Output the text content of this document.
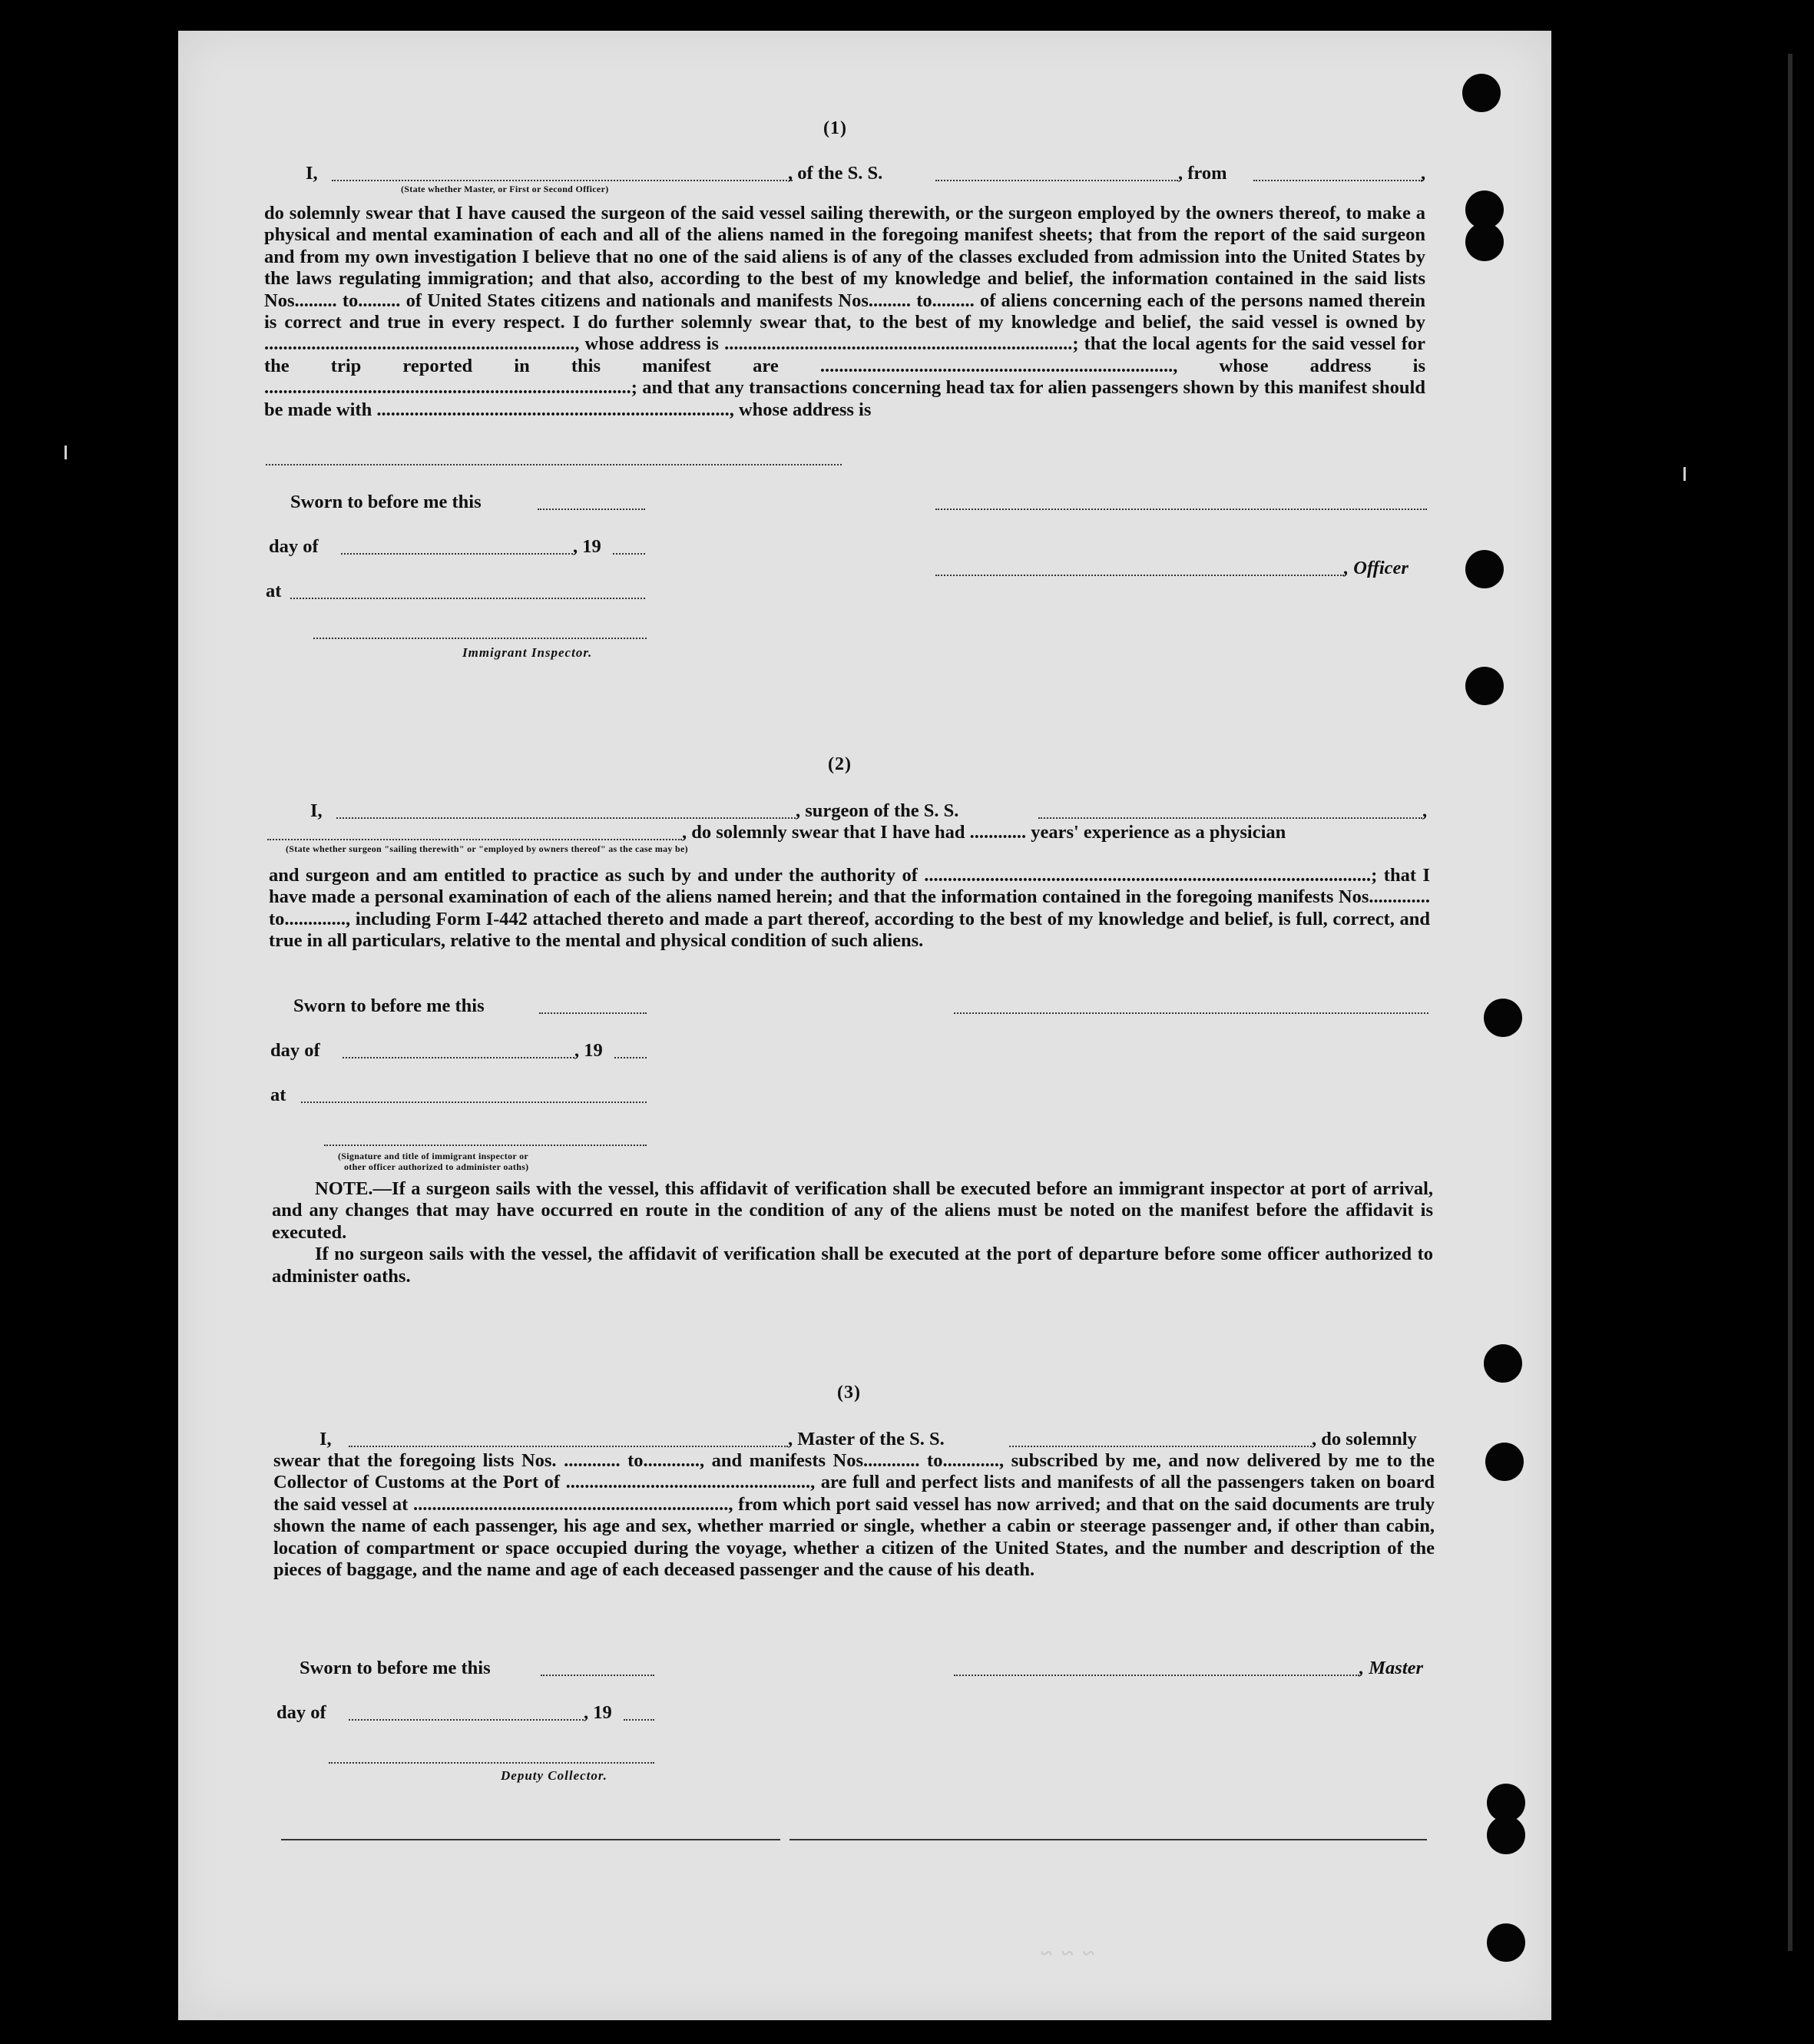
~ ~ ~
(1)
I,	, of the S. S.	, from	,
(State whether Master, or First or Second Officer)

do solemnly swear that I have caused the surgeon of the said vessel sailing therewith, or the surgeon employed by the owners thereof, to make a physical and mental examination of each and all of the aliens named in the foregoing manifest sheets; that from the report of the said surgeon and from my own investigation I believe that no one of the said aliens is of any of the classes excluded from admission into the United States by the laws regulating immigration; and that also, according to the best of my knowledge and belief, the information contained in the said lists Nos......... to......... of United States citizens and nationals and manifests Nos......... to......... of aliens concerning each of the persons named therein is correct and true in every respect. I do further solemnly swear that, to the best of my knowledge and belief, the said vessel is owned by .................................................................., whose address is ..........................................................................; that the local agents for the said vessel for the trip reported in this manifest are ..........................................................................., whose address is ..............................................................................; and that any transactions concerning head tax for alien passengers shown by this manifest should be made with ..........................................................................., whose address is

Sworn to before me this
day of	, 19
, Officer
at
Immigrant Inspector.
(2)
I,	, surgeon of the S. S.	,
, do solemnly swear that I have had ............ years' experience as a physician
(State whether surgeon "sailing therewith" or "employed by owners thereof" as the case may be)

and surgeon and am entitled to practice as such by and under the authority of ...............................................................................................; that I have made a personal examination of each of the aliens named herein; and that the information contained in the foregoing manifests Nos............. to............., including Form I-442 attached thereto and made a part thereof, according to the best of my knowledge and belief, is full, correct, and true in all particulars, relative to the mental and physical condition of such aliens.

Sworn to before me this
day of	, 19
at
(Signature and title of immigrant inspector or
other officer authorized to administer oaths)

NOTE.—If a surgeon sails with the vessel, this affidavit of verification shall be executed before an immigrant inspector at port of arrival, and any changes that may have occurred en route in the condition of any of the aliens must be noted on the manifest before the affidavit is executed.

If no surgeon sails with the vessel, the affidavit of verification shall be executed at the port of departure before some officer authorized to administer oaths.

(3)
I,	, Master of the S. S.	, do solemnly

swear that the foregoing lists Nos. ............ to............, and manifests Nos............ to............, subscribed by me, and now delivered by me to the Collector of Customs at the Port of ...................................................., are full and perfect lists and manifests of all the passengers taken on board the said vessel at ..................................................................., from which port said vessel has now arrived; and that on the said documents are truly shown the name of each passenger, his age and sex, whether married or single, whether a cabin or steerage passenger and, if other than cabin, location of compartment or space occupied during the voyage, whether a citizen of the United States, and the number and description of the pieces of baggage, and the name and age of each deceased passenger and the cause of his death.

Sworn to before me this	, Master
day of	, 19
Deputy Collector.
